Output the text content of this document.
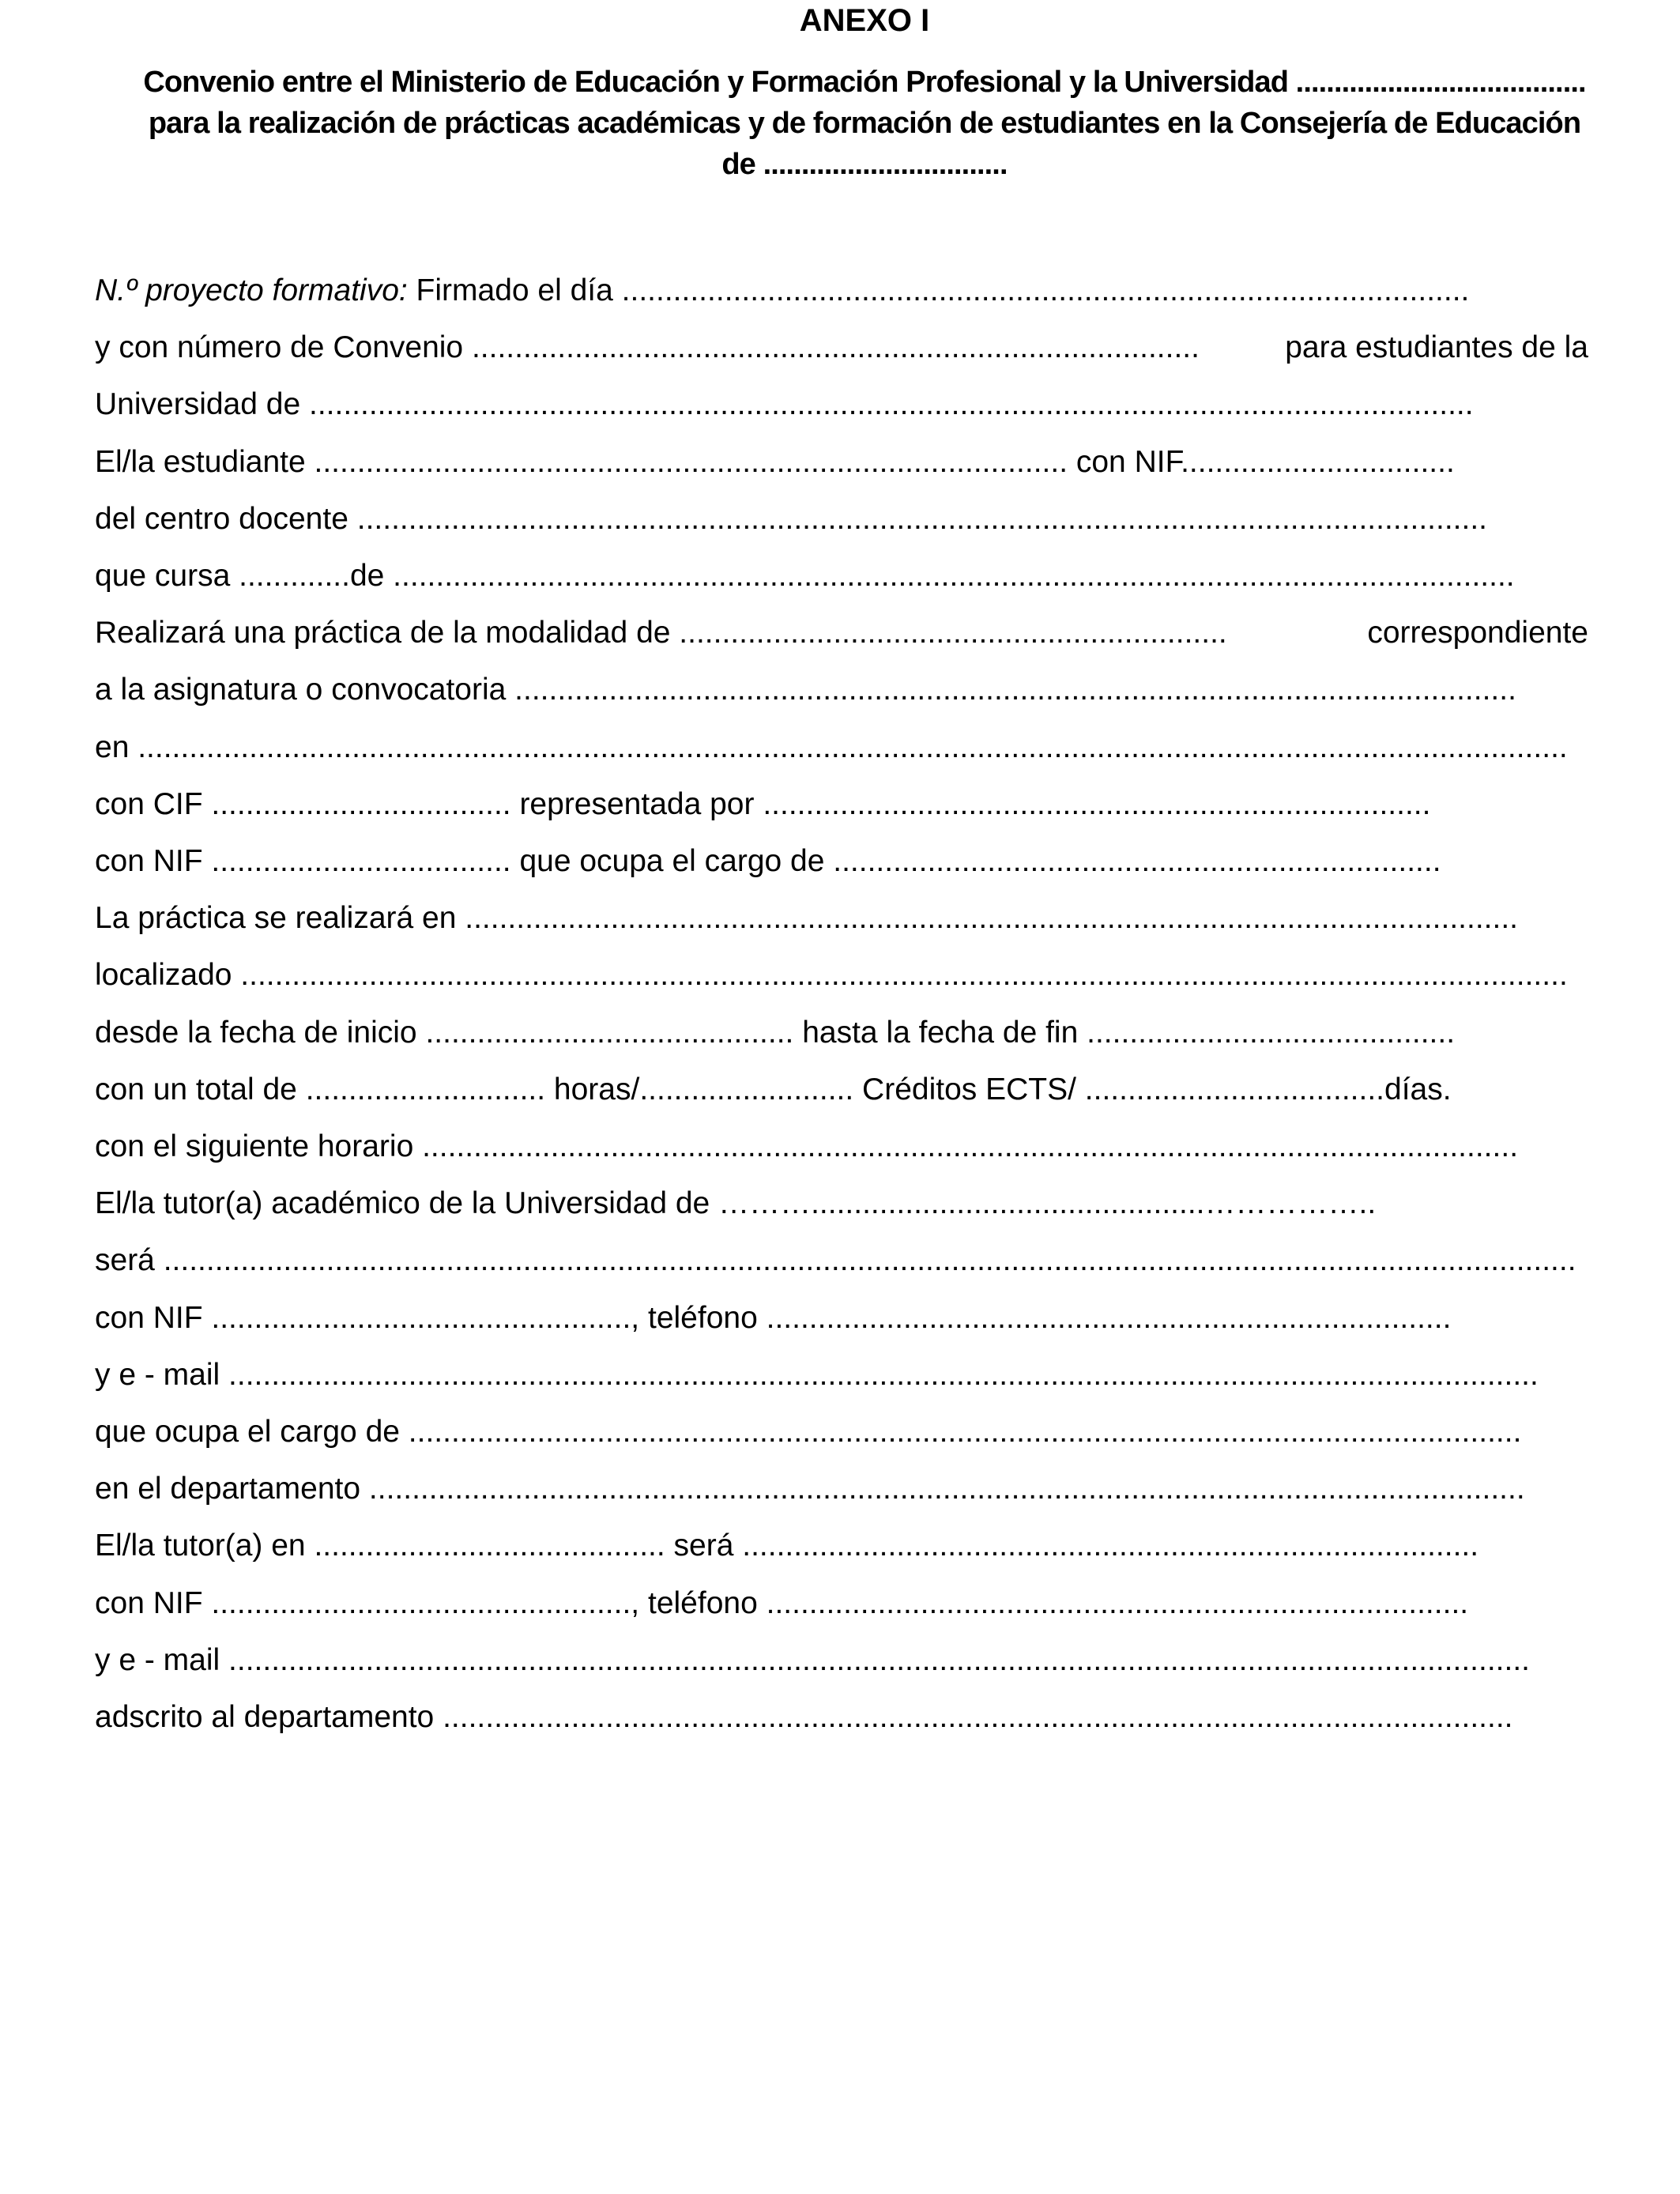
ANEXO I
Convenio entre el Ministerio de Educación y Formación Profesional y la Universidad ......................................
para la realización de prácticas académicas y de formación de estudiantes en la Consejería de Educación
de ................................
N.º proyecto formativo: Firmado el día ...................................................................................................
y con número de Convenio .....................................................................................	para estudiantes de la
Universidad de ........................................................................................................................................
El/la estudiante ........................................................................................ con NIF................................
del centro docente ....................................................................................................................................
que cursa .............de ...................................................................................................................................
Realizará una práctica de la modalidad de ................................................................	correspondiente
a la asignatura o convocatoria .....................................................................................................................
en .......................................................................................................................................................................
con CIF ................................... representada por ..............................................................................
con NIF ................................... que ocupa el cargo de .......................................................................
La práctica se realizará en ...........................................................................................................................
localizado ...........................................................................................................................................................
desde la fecha de inicio ........................................... hasta la fecha de fin ...........................................
con un total de ............................ horas/......................... Créditos ECTS/ ...................................días.
con el siguiente horario ................................................................................................................................
El/la tutor(a) académico de la Universidad de ………..............................................……………..
será .....................................................................................................................................................................
con NIF ................................................., teléfono ................................................................................
y e - mail .........................................................................................................................................................
que ocupa el cargo de ..................................................................................................................................
en el departamento .......................................................................................................................................
El/la tutor(a) en ......................................... será ......................................................................................
con NIF ................................................., teléfono ..................................................................................
y e - mail ........................................................................................................................................................
adscrito al departamento .............................................................................................................................
